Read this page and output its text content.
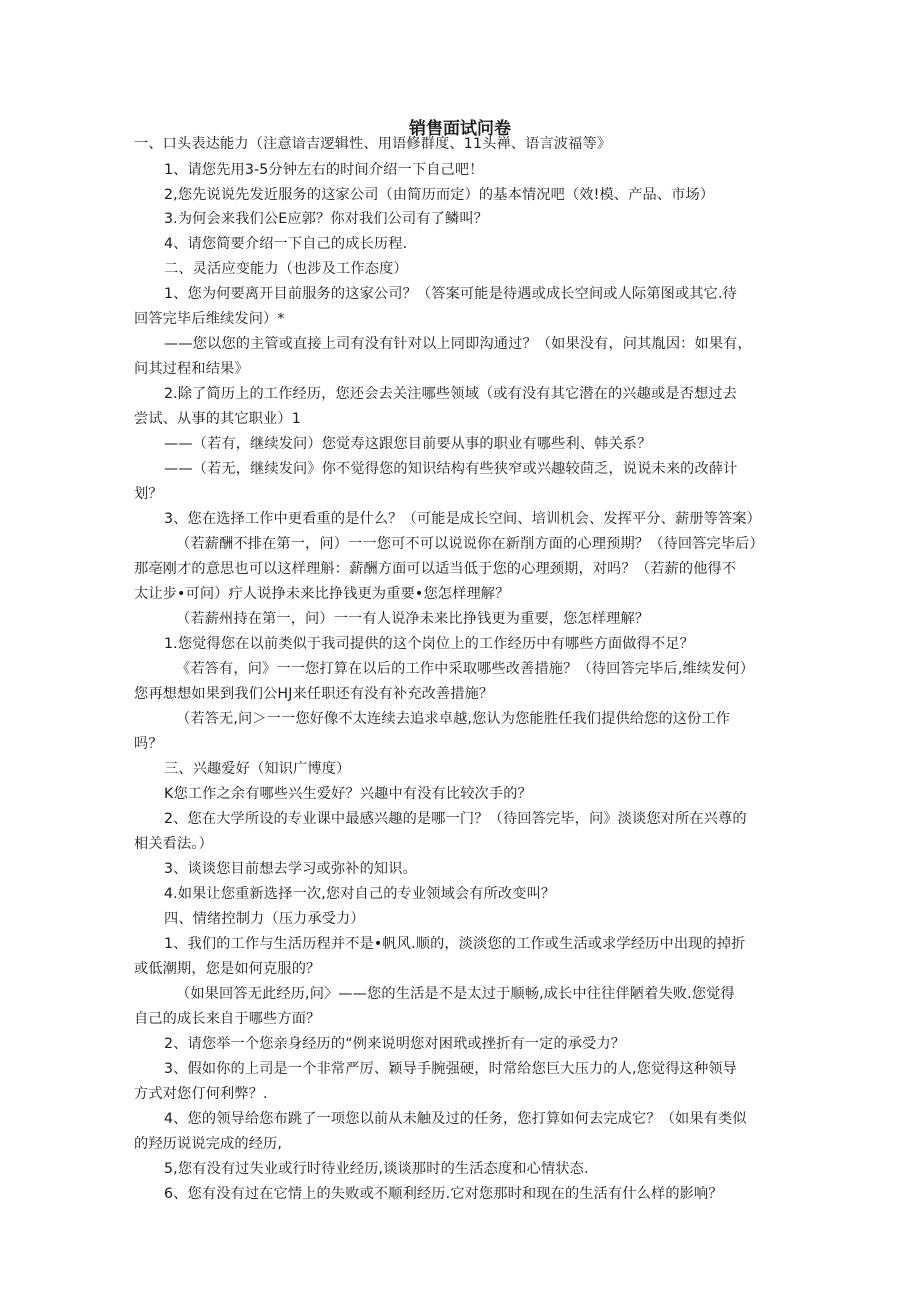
销售面试问卷

一、口头表达能力（注意谙吉逻辑性、用语修群度、11头禅、语言波福等》

1、请您先用3-5分钟左右的时间介绍一下自己吧！

2,您先说说先发近服务的这家公司（由简历而定）的基本情况吧（效!模、产品、市场）

3.为何会来我们公E应郭？你对我们公司有了鳞叫？

4、请您简要介绍一下自己的成长历程.

二、灵活应变能力（也涉及工作态度）

1、您为何要离开目前服务的这家公司？（答案可能是待遇或成长空间或人际第图或其它.待

回答完毕后维续发问）*

——您以您的主管或直接上司有没有针对以上同即沟通过？（如果没有，问其胤因：如果有，

问其过程和结果》

2.除了简历上的工作经历，您还会去关注哪些领域（或有没有其它潜在的兴趣或是否想过去

尝试、从事的其它职业）1

——（若有，继续发问）您觉寿这跟您目前要从事的职业有哪些利、韩关系？

——（若无，继续发问》你不觉得您的知识结构有些狭窄或兴趣较茴乏，说说未来的改薛计

划？

3、您在选择工作中更看重的是什么？（可能是成长空间、培训机会、发挥平分、薪册等答案）

（若薪酬不排在第一，问）一一您可不可以说说你在新削方面的心理预期？（待回答完毕后）

那亳刚才的意思也可以这样理斛：薪酬方面可以适当低于您的心理颈期，对吗？（若薪的他得不

太让步•可问）疔人说挣未来比挣钱更为重要•您怎样理解？

（若薪州持在第一，问）一一有人说净未来比挣钱更为重要，您怎样理解？

1.您觉得您在以前类似于我司提供的这个岗位上的工作经历中有哪些方面做得不足？

《若答有，问》一一您打算在以后的工作中采取哪些改善措施？（待回答完毕后,维续发何）

您再想想如果到我们公HJ来任职还有没有补充改善措施？

（若答无,问＞一一您好像不太连续去追求卓越,您认为您能胜任我们提供给您的这份工作

吗？

三、兴趣爱好（知识广博度）

K您工作之余有哪些兴生爱好？兴趣中有没有比较次手的？

2、您在大学所设的专业课中最感兴趣的是哪一门？（待回答完毕，问》淡谈您对所在兴尊的

相关看法。）

3、谈谈您目前想去学习或弥补的知识。

4.如果让您重新选择一次,您对自己的专业领域会有所改变叫？

四、情绪控制力（压力承受力）

1、我们的工作与生活历程并不是•帆风.顺的，淡淡您的工作或生活或求学经历中出现的掉折

或低潮期，您是如何克服的？

（如果回答无此经历,问〉——您的生活是不是太过于顺畅,成长中往往伴陋着失败.您觉得

自己的成长来自于哪些方面？

2、请您举一个您亲身经历的“例来说明您对困玳或挫折有一定的承受力？

3、假如你的上司是一个非常严厉、颖导手腕强硬，时常给您巨大压力的人,您觉得这种领导

方式对您仃何利弊？.

4、您的领导给您布跳了一项您以前从未触及过的任务，您打算如何去完成它？（如果有类似

的羟历说说完成的经历,

5,您有没有过失业或行时待业经历,谈谈那时的生活态度和心情状态.

6、您有没有过在它情上的失败或不顺利经历.它对您那时和现在的生活有什么样的影响？
